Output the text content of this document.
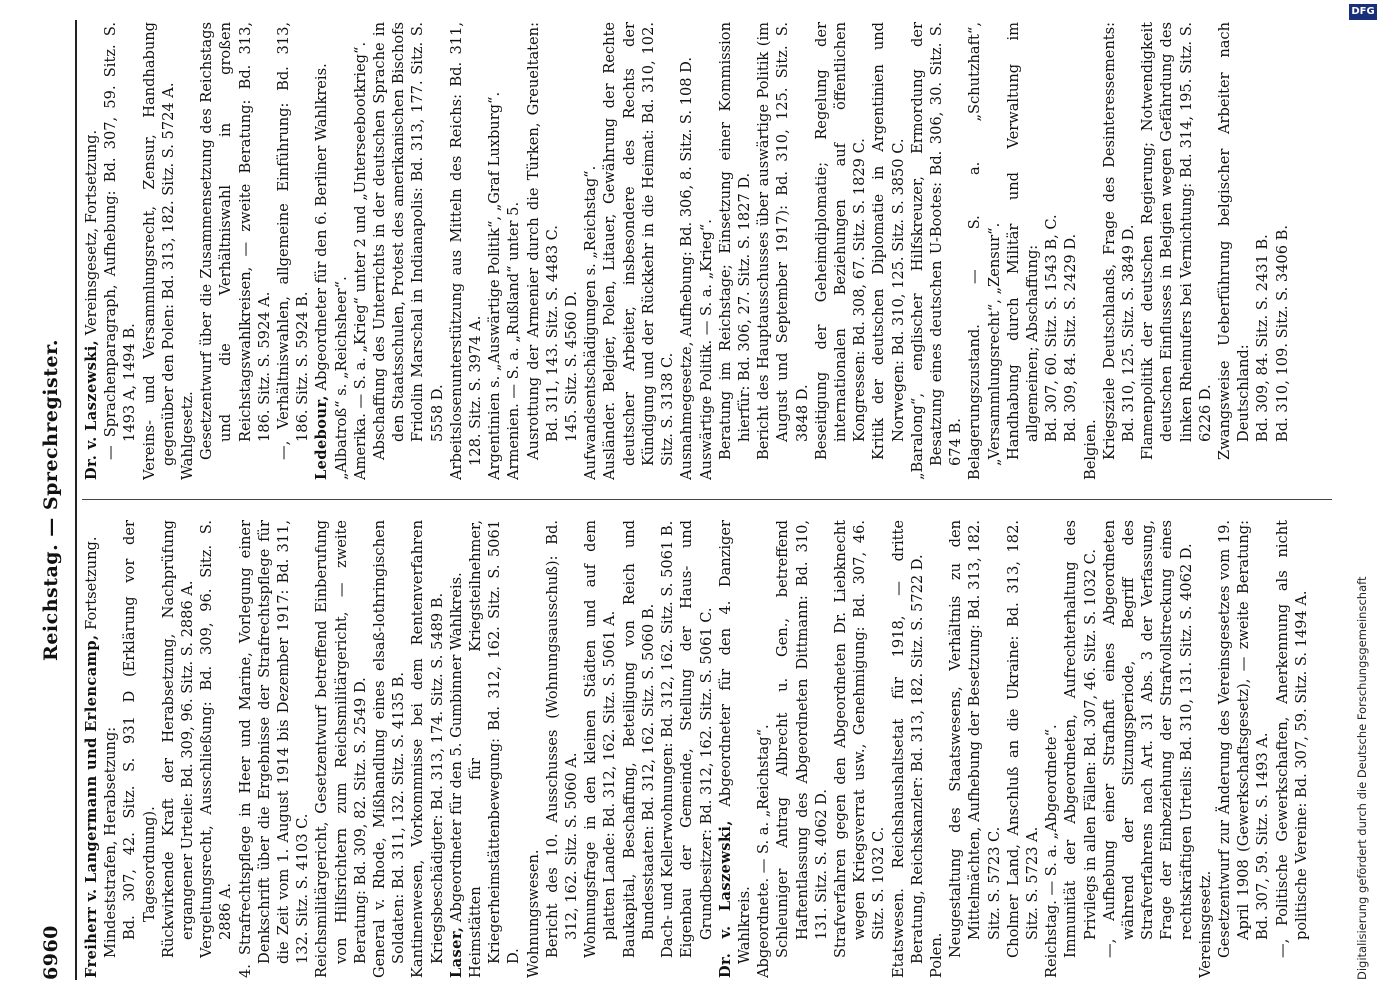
6960
Reichstag. — Sprechregister.

Freiherr v. Langermann und Erlencamp, Fortsetzung.

Mindeststrafen, Herabsetzung: Bd. 307, 42. Sitz. S. 931 D (Erklärung vor der Tagesordnung). Rückwirkende Kraft der Herabsetzung, Nachprüfung ergangener Urteile: Bd. 309, 96. Sitz. S. 2886 A. Vergeltungsrecht, Ausschließung: Bd. 309, 96. Sitz. S. 2886 A. 4. Strafrechtspflege in Heer und Marine, Vorlegung einer Denkschrift über die Ergebnisse der Strafrechtspflege für die Zeit vom 1. August 1914 bis Dezember 1917: Bd. 311, 132. Sitz. S. 4103 C. Reichsmilitärgericht, Gesetzentwurf betreffend Einberufung von Hilfsrichtern zum Reichsmilitärgericht, — zweite Beratung: Bd. 309, 82. Sitz. S. 2549 D. General v. Rhode, Mißhandlung eines elsaß-lothringischen Soldaten: Bd. 311, 132. Sitz. S. 4135 B. Kantinenwesen, Vorkommnisse bei dem Rentenverfahren Kriegsbeschädigter: Bd. 313, 174. Sitz. S. 5489 B. Laser, Abgeordneter für den 5. Gumbinner Wahlkreis. Heimstätten für Kriegsteilnehmer, Kriegerheimstättenbewegung: Bd. 312, 162. Sitz. S. 5061 D. Wohnungswesen. Bericht des 10. Ausschusses (Wohnungsausschuß): Bd. 312, 162. Sitz. S. 5060 A. Wohnungsfrage in den kleinen Städten und auf dem platten Lande: Bd. 312, 162. Sitz. S. 5061 A. Baukapital, Beschaffung, Beteiligung von Reich und Bundesstaaten: Bd. 312, 162. Sitz. S. 5060 B. Dach- und Kellerwohnungen: Bd. 312, 162. Sitz. S. 5061 B. Eigenbau der Gemeinde, Stellung der Haus- und Grundbesitzer: Bd. 312, 162. Sitz. S. 5061 C. Dr. v. Laszewski, Abgeordneter für den 4. Danziger Wahlkreis. Abgeordnete. — S. a. „Reichstag“. Schleuniger Antrag Albrecht u. Gen., betreffend Haftentlassung des Abgeordneten Dittmann: Bd. 310, 131. Sitz. S. 4062 D. Strafverfahren gegen den Abgeordneten Dr. Liebknecht wegen Kriegsverrat usw., Genehmigung: Bd. 307, 46. Sitz. S. 1032 C. Etatswesen. Reichshaushaltsetat für 1918, — dritte Beratung, Reichskanzler: Bd. 313, 182. Sitz. S. 5722 D. Polen. Neugestaltung des Staatswesens, Verhältnis zu den Mittelmächten, Aufhebung der Besetzung: Bd. 313, 182. Sitz. S. 5723 C. Cholmer Land, Anschluß an die Ukraine: Bd. 313, 182. Sitz. S. 5723 A. Reichstag. — S. a. „Abgeordnete“. Immunität der Abgeordneten, Aufrechterhaltung des Privilegs in allen Fällen: Bd. 307, 46. Sitz. S. 1032 C. —, Aufhebung einer Strafhaft eines Abgeordneten während der Sitzungsperiode, Begriff des Strafverfahrens nach Art. 31 Abs. 3 der Verfassung, Frage der Einbeziehung der Strafvollstreckung eines rechtskräftigen Urteils: Bd. 310, 131. Sitz. S. 4062 D. Vereinsgesetz. Gesetzentwurf zur Änderung des Vereinsgesetzes vom 19. April 1908 (Gewerkschaftsgesetz), — zweite Beratung: Bd. 307, 59. Sitz. S. 1493 A. —, Politische Gewerkschaften, Anerkennung als nicht politische Vereine: Bd. 307, 59. Sitz. S. 1494 A.

Dr. v. Laszewski, Vereinsgesetz, Fortsetzung. — Sprachenparagraph, Aufhebung: Bd. 307, 59. Sitz. S. 1493 A, 1494 B. Vereins- und Versammlungsrecht, Zensur, Handhabung gegenüber den Polen: Bd. 313, 182. Sitz. S. 5724 A. Wahlgesetz. Gesetzentwurf über die Zusammensetzung des Reichstags und die Verhältniswahl in großen Reichstagswahlkreisen, — zweite Beratung: Bd. 313, 186. Sitz. S. 5924 A. —, Verhältniswahlen, allgemeine Einführung: Bd. 313, 186. Sitz. S. 5924 B. Ledebour, Abgeordneter für den 6. Berliner Wahlkreis. „Albatroß“ s. „Reichsheer“. Amerika. — S. a. „Krieg“ unter 2 und „Unterseebootkrieg“. Abschaffung des Unterrichts in der deutschen Sprache in den Staatsschulen, Protest des amerikanischen Bischofs Fridolin Marschal in Indianapolis: Bd. 313, 177. Sitz. S. 5558 D. Arbeitslosenunterstützung aus Mitteln des Reichs: Bd. 311, 128. Sitz. S. 3974 A. Argentinien s. „Auswärtige Politik“, „Graf Luxburg“. Armenien. — S. a. „Rußland“ unter 5. Ausrottung der Armenier durch die Türken, Greueltaten: Bd. 311, 143. Sitz. S. 4483 C. 145. Sitz. S. 4560 D. Aufwandsentschädigungen s. „Reichstag“. Ausländer. Belgier, Polen, Litauer, Gewährung der Rechte deutscher Arbeiter, insbesondere des Rechts der Kündigung und der Rückkehr in die Heimat: Bd. 310, 102. Sitz. S. 3138 C. Ausnahmegesetze, Aufhebung: Bd. 306, 8. Sitz. S. 108 D. Auswärtige Politik. — S. a. „Krieg“. Beratung im Reichstage; Einsetzung einer Kommission hierfür: Bd. 306, 27. Sitz. S. 1827 D. Bericht des Hauptausschusses über auswärtige Politik (im August und September 1917): Bd. 310, 125. Sitz. S. 3848 D. Beseitigung der Geheimdiplomatie; Regelung der internationalen Beziehungen auf öffentlichen Kongressen: Bd. 308, 67. Sitz. S. 1829 C. Kritik der deutschen Diplomatie in Argentinien und Norwegen: Bd. 310, 125. Sitz. S. 3850 C. „Baralong“, englischer Hilfskreuzer, Ermordung der Besatzung eines deutschen U-Bootes: Bd. 306, 30. Sitz. S. 674 B. Belagerungszustand. — S. a. „Schutzhaft“, „Versammlungsrecht“, „Zensur“. Handhabung durch Militär und Verwaltung im allgemeinen; Abschaffung: Bd. 307, 60. Sitz. S. 1543 B, C. Bd. 309, 84. Sitz. S. 2429 D.

Belgien. Kriegsziele Deutschlands, Frage des Desinteressements: Bd. 310, 125. Sitz. S. 3849 D. Flamenpolitik der deutschen Regierung; Notwendigkeit deutschen Einflusses in Belgien wegen Gefährdung des linken Rheinufers bei Vernichtung: Bd. 314, 195. Sitz. S. 6226 D. Zwangsweise Ueberführung belgischer Arbeiter nach Deutschland: Bd. 309, 84. Sitz. S. 2431 B. Bd. 310, 109. Sitz. S. 3406 B.

Digitalisierung gefördert durch die Deutsche Forschungsgemeinschaft
DFG
